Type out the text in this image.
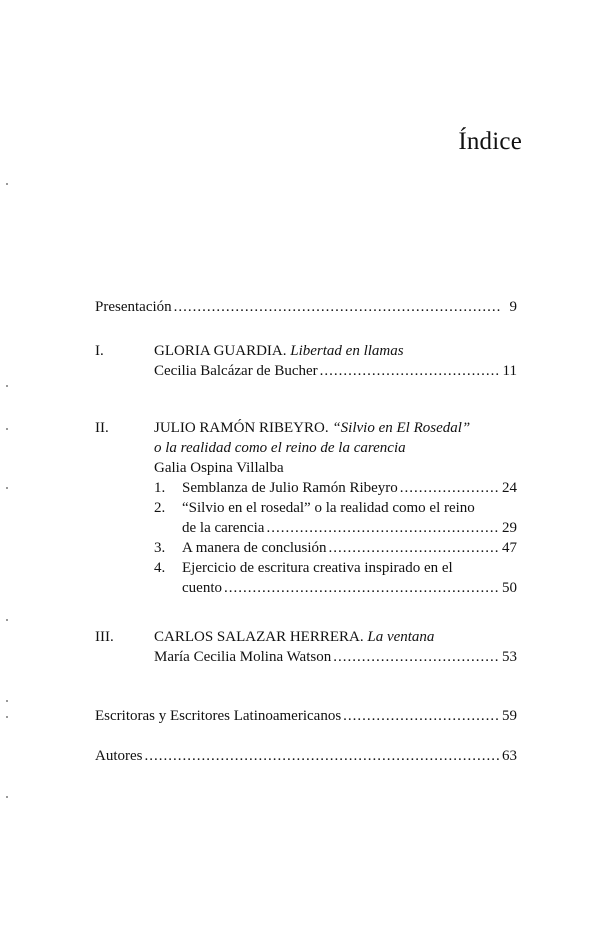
Índice
Presentación .....	9
I.	GLORIA GUARDIA.
Libertad en llamas
Cecilia Balcázar de Bucher .....	11
II.	JULIO RAMÓN RIBEYRO.
“Silvio en El Rosedal”
o la realidad como el reino de la carencia
Galia Ospina Villalba
1.	Semblanza de Julio Ramón Ribeyro .....	24
2.	“Silvio en el rosedal” o la realidad como el reino
de la carencia .....	29
3.	A manera de conclusión .....	47
4.	Ejercicio de escritura creativa inspirado en el
cuento .....	50
III.	CARLOS SALAZAR HERRERA.
La ventana
María Cecilia Molina Watson .....	53
Escritoras y Escritores Latinoamericanos .....	59
Autores .....	63
